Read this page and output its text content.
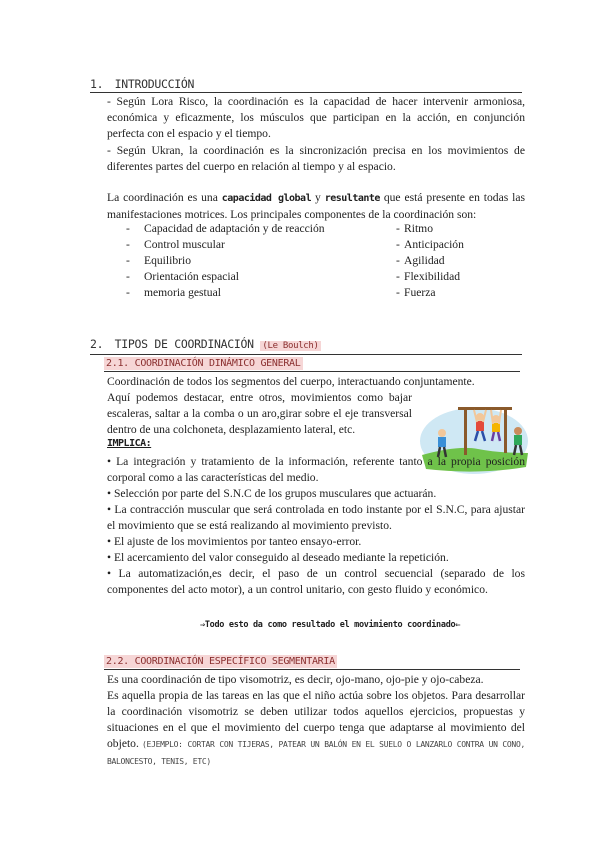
1. INTRODUCCIÓN
- Según Lora Risco, la coordinación es la capacidad de hacer intervenir armoniosa, económica y eficazmente, los músculos que participan en la acción, en conjunción perfecta con el espacio y el tiempo.
- Según Ukran, la coordinación es la sincronización precisa en los movimientos de diferentes partes del cuerpo en relación al tiempo y al espacio.
La coordinación es una capacidad global y resultante que está presente en todas las manifestaciones motrices. Los principales componentes de la coordinación son:
- Capacidad de adaptación y de reacción	- Ritmo
- Control muscular	- Anticipación
- Equilibrio	- Agilidad
- Orientación espacial	- Flexibilidad
- memoria gestual	- Fuerza
2. TIPOS DE COORDINACIÓN (Le Boulch)
2.1. COORDINACIÓN DINÁMICO GENERAL
Coordinación de todos los segmentos del cuerpo, interactuando conjuntamente.
Aquí podemos destacar, entre otros, movimientos como bajar escaleras, saltar a la comba o un aro,girar sobre el eje transversal dentro de una colchoneta, desplazamiento lateral, etc.
IMPLICA:
• La integración y tratamiento de la información, referente tanto a la propia posición corporal como a las características del medio.
• Selección por parte del S.N.C de los grupos musculares que actuarán.
• La contracción muscular que será controlada en todo instante por el S.N.C, para ajustar el movimiento que se está realizando al movimiento previsto.
• El ajuste de los movimientos por tanteo ensayo-error.
• El acercamiento del valor conseguido al deseado mediante la repetición.
• La automatización,es decir, el paso de un control secuencial (separado de los componentes del acto motor), a un control unitario, con gesto fluido y económico.
⇒Todo esto da como resultado el movimiento coordinado⇐
2.2. COORDINACIÓN ESPECÍFICO SEGMENTARIA
Es una coordinación de tipo visomotriz, es decir, ojo-mano, ojo-pie y ojo-cabeza.
Es aquella propia de las tareas en las que el niño actúa sobre los objetos. Para desarrollar la coordinación visomotriz se deben utilizar todos aquellos ejercicios, propuestas y situaciones en el que el movimiento del cuerpo tenga que adaptarse al movimiento del objeto. (EJEMPLO: CORTAR CON TIJERAS, PATEAR UN BALÓN EN EL SUELO O LANZARLO CONTRA UN CONO, BALONCESTO, TENIS, ETC)
